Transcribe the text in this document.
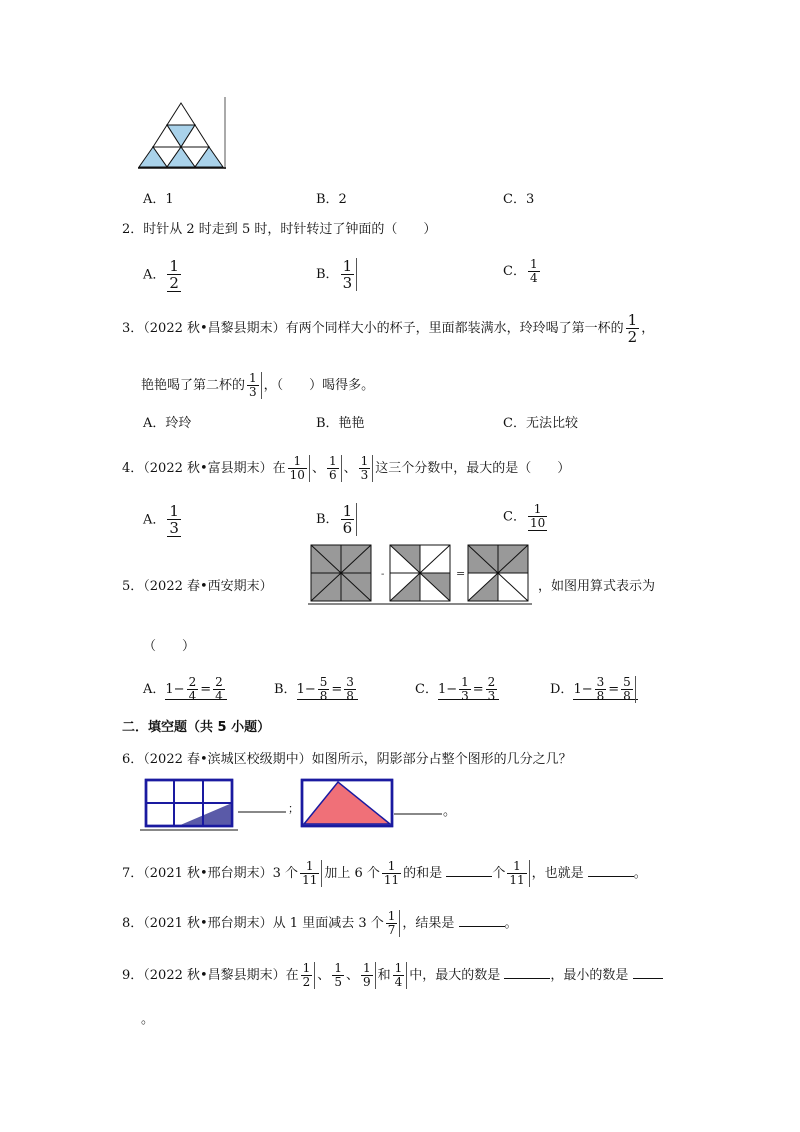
A．1	B．2	C．3
2．时针从 2 时走到 5 时，时针转过了钟面的（　　）
A． $\frac{1}{2}$	B． $\frac{1}{3}$	C． $\frac{1}{4}$
3．（2022 秋•昌黎县期末）有两个同样大小的杯子，里面都装满水，玲玲喝了第一杯的 $\frac{1}{2}$ ，
艳艳喝了第二杯的 $\frac{1}{3}$ ，（　　）喝得多。
A．玲玲	B．艳艳	C．无法比较
4．（2022 秋•富县期末）在 $\frac{1}{10}$ 、 $\frac{1}{6}$ 、 $\frac{1}{3}$ 这三个分数中，最大的是（　　）
A． $\frac{1}{3}$	B． $\frac{1}{6}$	C． $\frac{1}{10}$
5．（2022 春•西安期末）
-	=
，如图用算式表示为
（　　）
A．$1- \frac{2}{4} = \frac{2}{4}$	B．$1- \frac{5}{8} = \frac{3}{8}$	C．$1- \frac{1}{3} = \frac{2}{3}$	D．$1- \frac{3}{8} = \frac{5}{8}$
二．填空题（共 5 小题）
6．（2022 春•滨城区校级期中）如图所示，阴影部分占整个图形的几分之几？
；	。
7．（2021 秋•邢台期末）3 个 $\frac{1}{11}$ 加上 6 个 $\frac{1}{11}$ 的和是	个 $\frac{1}{11}$ ，也就是	。
8．（2021 秋•邢台期末）从 1 里面减去 3 个 $\frac{1}{7}$ ，结果是	。
9．（2022 秋•昌黎县期末）在 $\frac{1}{2}$ 、 $\frac{1}{5}$ 、 $\frac{1}{9}$ 和 $\frac{1}{4}$ 中，最大的数是	，最小的数是
。
